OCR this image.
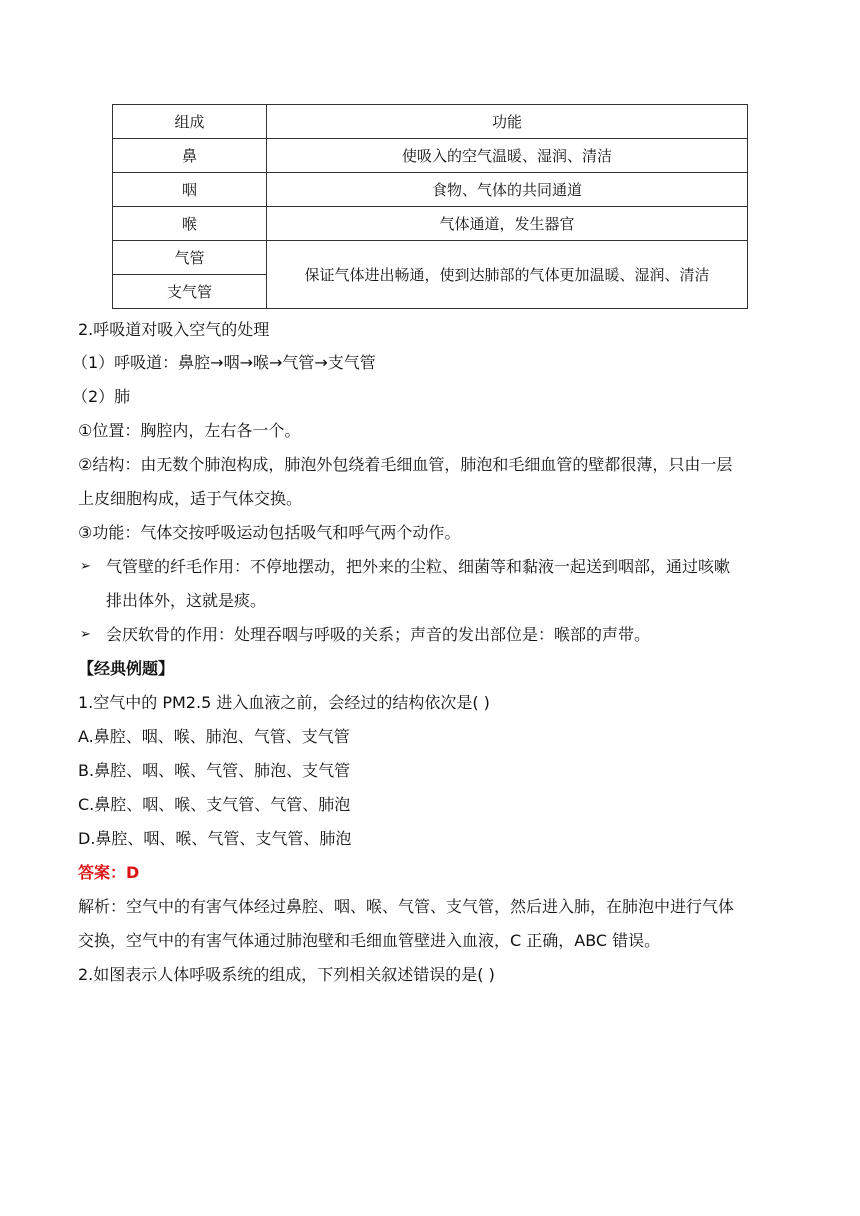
组成	功能
鼻	使吸入的空气温暖、湿润、清洁
咽	食物、气体的共同通道
喉	气体通道，发生器官
气管	保证气体进出畅通，使到达肺部的气体更加温暖、湿润、清洁
支气管	
2.呼吸道对吸入空气的处理
（1）呼吸道：鼻腔→咽→喉→气管→支气管
（2）肺
①位置：胸腔内，左右各一个。
②结构：由无数个肺泡构成，肺泡外包绕着毛细血管，肺泡和毛细血管的壁都很薄，只由一层
上皮细胞构成，适于气体交换。
③功能：气体交按呼吸运动包括吸气和呼气两个动作。
➢ 气管壁的纤毛作用：不停地摆动，把外来的尘粒、细菌等和黏液一起送到咽部，通过咳嗽
排出体外，这就是痰。
➢ 会厌软骨的作用：处理吞咽与呼吸的关系；声音的发出部位是：喉部的声带。
【经典例题】
1.空气中的 PM2.5 进入血液之前，会经过的结构依次是( )
A.鼻腔、咽、喉、肺泡、气管、支气管
B.鼻腔、咽、喉、气管、肺泡、支气管
C.鼻腔、咽、喉、支气管、气管、肺泡
D.鼻腔、咽、喉、气管、支气管、肺泡
答案：D
解析：空气中的有害气体经过鼻腔、咽、喉、气管、支气管，然后进入肺，在肺泡中进行气体
交换，空气中的有害气体通过肺泡壁和毛细血管壁进入血液，C 正确，ABC 错误。
2.如图表示人体呼吸系统的组成，下列相关叙述错误的是( )
